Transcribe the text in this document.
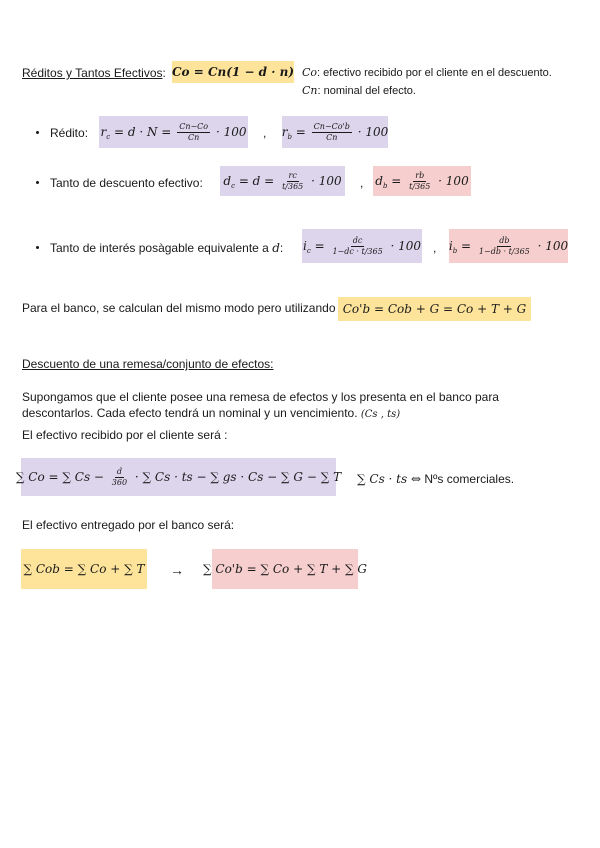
Réditos y Tantos Efectivos: Co = Cn(1 − d · n) Co: efectivo recibido por el cliente en el descuento.
Cn: nominal del efecto.
Rédito: $r_c = d \cdot N = \frac{Cn-Co}{Cn} \cdot 100$ , $r_b = \frac{Cn-Co'b}{Cn} \cdot 100$
Tanto de descuento efectivo: $d_c = d = \frac{rc}{t/365} \cdot 100$ , $d_b = \frac{rb}{t/365} \cdot 100$
Tanto de interés posàgable equivalente a d: $i_c = \frac{dc}{1-dc \cdot t/365} \cdot 100$ , $i_b = \frac{db}{1-db \cdot t/365} \cdot 100$
Para el banco, se calculan del mismo modo pero utilizando Co'b = Cob + G = Co + T + G
Descuento de una remesa/conjunto de efectos:
Supongamos que el cliente posee una remesa de efectos y los presenta en el banco para
descontarlos. Cada efecto tendrá un nominal y un vencimiento. (Cs , ts)
El efectivo recibido por el cliente será :
∑ Co = ∑ $Cs - \frac{d}{360}$ · ∑ Cs · ts − ∑ gs · Cs − ∑ G − ∑ T ∑ Cs · ts ⇔ Nºs comerciales.
El efectivo entregado por el banco será:
∑ Cob = ∑ Co + ∑ T → ∑ Co'b = ∑ Co + ∑ T + ∑ G
